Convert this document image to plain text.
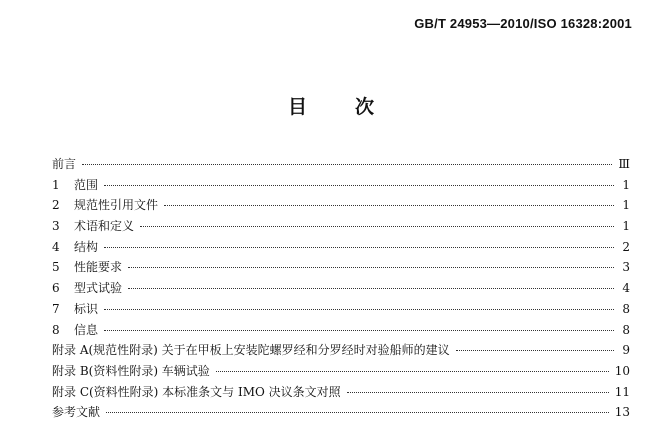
GB/T 24953—2010/ISO 16328:2001
目	次
前言	Ⅲ
1	范围	1
2	规范性引用文件	1
3	术语和定义	1
4	结构	2
5	性能要求	3
6	型式试验	4
7	标识	8
8	信息	8
附录 A(规范性附录) 关于在甲板上安装陀螺罗经和分罗经时对验船师的建议	9
附录 B(资料性附录) 车辆试验	10
附录 C(资料性附录) 本标准条文与 IMO 决议条文对照	11
参考文献	13
